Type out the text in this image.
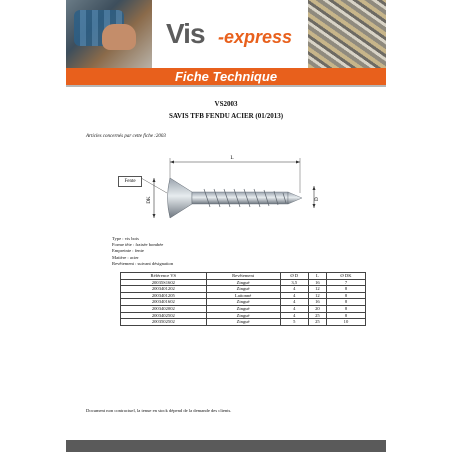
Vis -express
Fiche Technique
VS2003
SAVIS TFB FENDU ACIER (01/2013)
Articles concernés par cette fiche :2003
L
DK	D
Fente
Type : vis bois
Forme tête : fraisée bombée
Empreinte : fente
Matière : acier
Revêtement : suivant désignation
Référence VS	Revêtement	Ø D	L	Ø DK
20035S1602	Zingué	3,5	16	7
2003401202	Zingué	4	12	8
2003401205	Laitonné	4	12	8
2003401602	Zingué	4	16	8
2003402002	Zingué	4	20	8
2003402502	Zingué	4	25	8
2003502502	Zingué	5	25	10
Document non contractuel, la tenue en stock dépend de la demande des clients.
